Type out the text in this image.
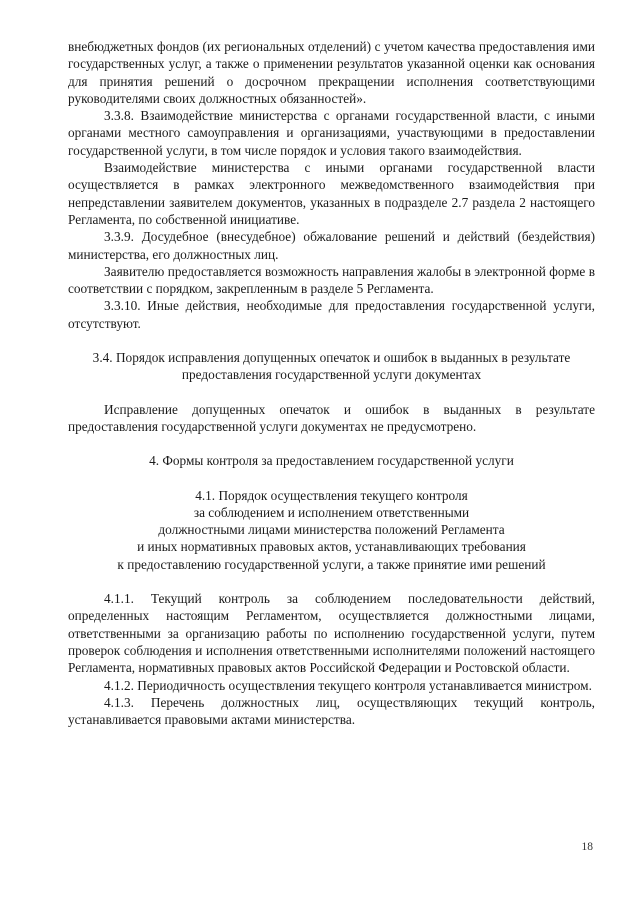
внебюджетных фондов (их региональных отделений) с учетом качества предоставления ими государственных услуг, а также о применении результатов указанной оценки как основания для принятия решений о досрочном прекращении исполнения соответствующими руководителями своих должностных обязанностей».

3.3.8. Взаимодействие министерства с органами государственной власти, с иными органами местного самоуправления и организациями, участвующими в предоставлении государственной услуги, в том числе порядок и условия такого взаимодействия.

Взаимодействие министерства с иными органами государственной власти осуществляется в рамках электронного межведомственного взаимодействия при непредставлении заявителем документов, указанных в подразделе 2.7 раздела 2 настоящего Регламента, по собственной инициативе.

3.3.9. Досудебное (внесудебное) обжалование решений и действий (бездействия) министерства, его должностных лиц.

Заявителю предоставляется возможность направления жалобы в электронной форме в соответствии с порядком, закрепленным в разделе 5 Регламента.

3.3.10. Иные действия, необходимые для предоставления государственной услуги, отсутствуют.

3.4. Порядок исправления допущенных опечаток и ошибок в выданных в результате предоставления государственной услуги документах

Исправление допущенных опечаток и ошибок в выданных в результате предоставления государственной услуги документах не предусмотрено.

4. Формы контроля за предоставлением государственной услуги

4.1. Порядок осуществления текущего контроля

за соблюдением и исполнением ответственными

должностными лицами министерства положений Регламента

и иных нормативных правовых актов, устанавливающих требования

к предоставлению государственной услуги, а также принятие ими решений

4.1.1. Текущий контроль за соблюдением последовательности действий, определенных настоящим Регламентом, осуществляется должностными лицами, ответственными за организацию работы по исполнению государственной услуги, путем проверок соблюдения и исполнения ответственными исполнителями положений настоящего Регламента, нормативных правовых актов Российской Федерации и Ростовской области.

4.1.2. Периодичность осуществления текущего контроля устанавливается министром.

4.1.3. Перечень должностных лиц, осуществляющих текущий контроль, устанавливается правовыми актами министерства.

18
